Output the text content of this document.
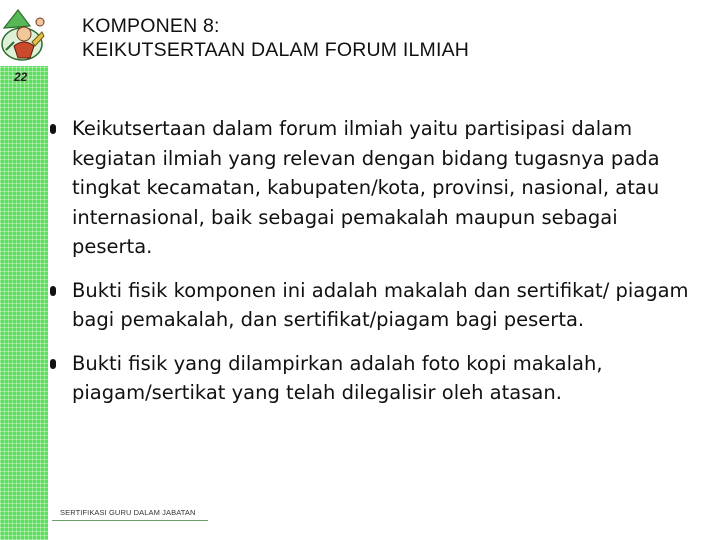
22
KOMPONEN 8:
KEIKUTSERTAAN DALAM FORUM ILMIAH
Keikutsertaan dalam forum ilmiah yaitu partisipasi dalam kegiatan ilmiah yang relevan dengan bidang tugasnya pada tingkat kecamatan, kabupaten/kota, provinsi, nasional, atau internasional, baik sebagai pemakalah maupun sebagai peserta.
Bukti fisik komponen ini adalah makalah dan sertifikat/ piagam bagi pemakalah, dan sertifikat/piagam bagi peserta.
Bukti fisik yang dilampirkan adalah foto kopi makalah, piagam/sertikat yang telah dilegalisir oleh atasan.
SERTIFIKASI GURU DALAM JABATAN
